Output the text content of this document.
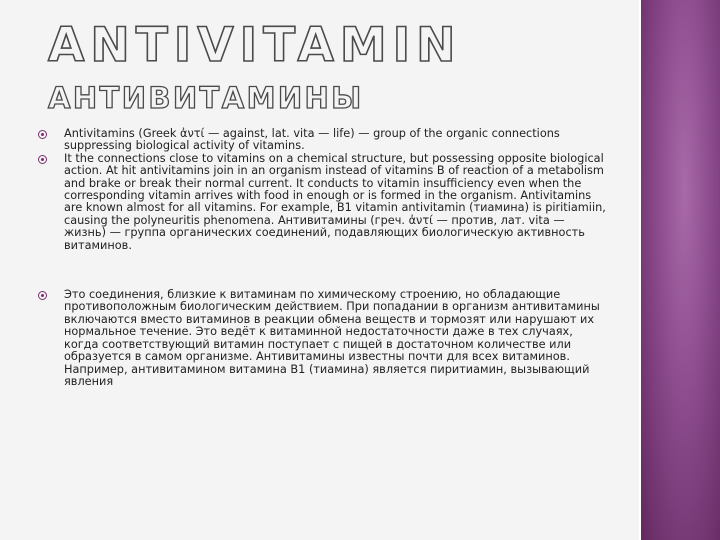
ANTIVITAMIN
АНТИВИТАМИНЫ
Antivitamins (Greek ἀντί — against, lat. vita — life) — group of the organic connections suppressing biological activity of vitamins.
It the connections close to vitamins on a chemical structure, but possessing opposite biological action. At hit antivitamins join in an organism instead of vitamins B of reaction of a metabolism and brake or break their normal current. It conducts to vitamin insufficiency even when the corresponding vitamin arrives with food in enough or is formed in the organism. Antivitamins are known almost for all vitamins. For example, B1 vitamin antivitamin (тиамина) is piritiamiin, causing the polyneuritis phenomena. Антивитамины (греч. ἀντί — против, лат. vita — жизнь) — группа органических соединений, подавляющих биологическую активность витаминов.
Это соединения, близкие к витаминам по химическому строению, но обладающие противоположным биологическим действием. При попадании в организм антивитамины включаются вместо витаминов в реакции обмена веществ и тормозят или нарушают их нормальное течение. Это ведёт к витаминной недостаточности даже в тех случаях, когда соответствующий витамин поступает с пищей в достаточном количестве или образуется в самом организме. Антивитамины известны почти для всех витаминов. Например, антивитамином витамина B1 (тиамина) является пиритиамин, вызывающий явления
